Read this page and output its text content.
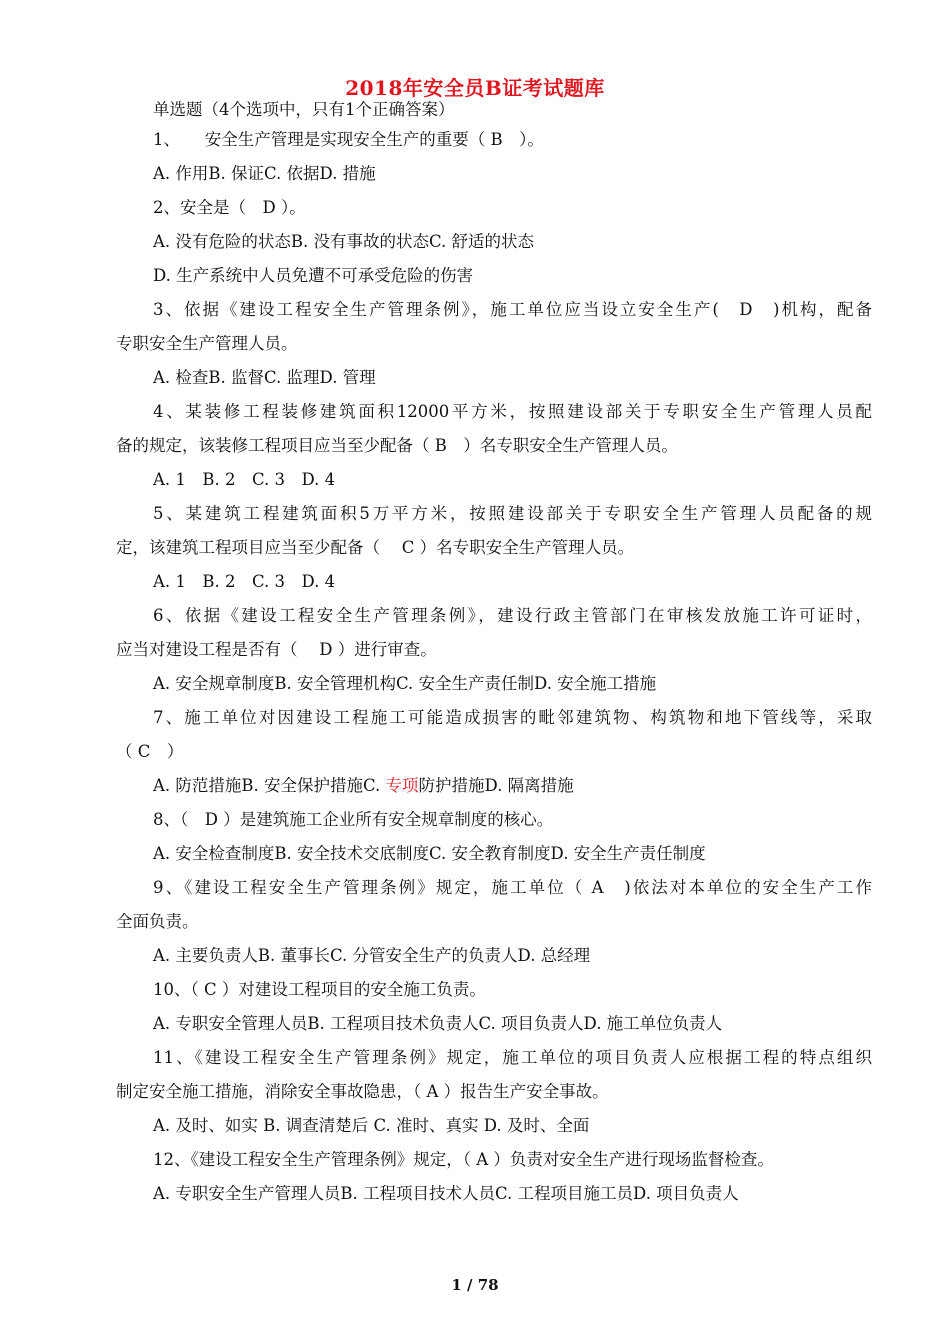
2018年安全员B证考试题库
单选题（4个选项中，只有1个正确答案）
1、　　安全生产管理是实现安全生产的重要（ B　）。
A. 作用B. 保证C. 依据D. 措施
2、安全是（　D ）。
A. 没有危险的状态B. 没有事故的状态C. 舒适的状态
D. 生产系统中人员免遭不可承受危险的伤害
3、依据《建设工程安全生产管理条例》，施工单位应当设立安全生产(　D　)机构，配备
专职安全生产管理人员。
A. 检查B. 监督C. 监理D. 管理
4、某装修工程装修建筑面积12000平方米，按照建设部关于专职安全生产管理人员配
备的规定，该装修工程项目应当至少配备（ B　）名专职安全生产管理人员。
A. 1　B. 2　C. 3　D. 4
5、某建筑工程建筑面积5万平方米，按照建设部关于专职安全生产管理人员配备的规
定，该建筑工程项目应当至少配备（　 C ）名专职安全生产管理人员。
A. 1　B. 2　C. 3　D. 4
6、依据《建设工程安全生产管理条例》，建设行政主管部门在审核发放施工许可证时，
应当对建设工程是否有（　 D ）进行审查。
A. 安全规章制度B. 安全管理机构C. 安全生产责任制D. 安全施工措施
7、施工单位对因建设工程施工可能造成损害的毗邻建筑物、构筑物和地下管线等，采取
（ C　）
A. 防范措施B. 安全保护措施C. 专项防护措施D. 隔离措施
8、（　D ）是建筑施工企业所有安全规章制度的核心。
A. 安全检查制度B. 安全技术交底制度C. 安全教育制度D. 安全生产责任制度
9、《建设工程安全生产管理条例》规定，施工单位（ A　)依法对本单位的安全生产工作
全面负责。
A. 主要负责人B. 董事长C. 分管安全生产的负责人D. 总经理
10、（ C ）对建设工程项目的安全施工负责。
A. 专职安全管理人员B. 工程项目技术负责人C. 项目负责人D. 施工单位负责人
11、《建设工程安全生产管理条例》规定，施工单位的项目负责人应根据工程的特点组织
制定安全施工措施，消除安全事故隐患，（ A ）报告生产安全事故。
A. 及时、如实 B. 调查清楚后 C. 准时、真实 D. 及时、全面
12、《建设工程安全生产管理条例》规定，（ A ）负责对安全生产进行现场监督检查。
A. 专职安全生产管理人员B. 工程项目技术人员C. 工程项目施工员D. 项目负责人
1 / 78
